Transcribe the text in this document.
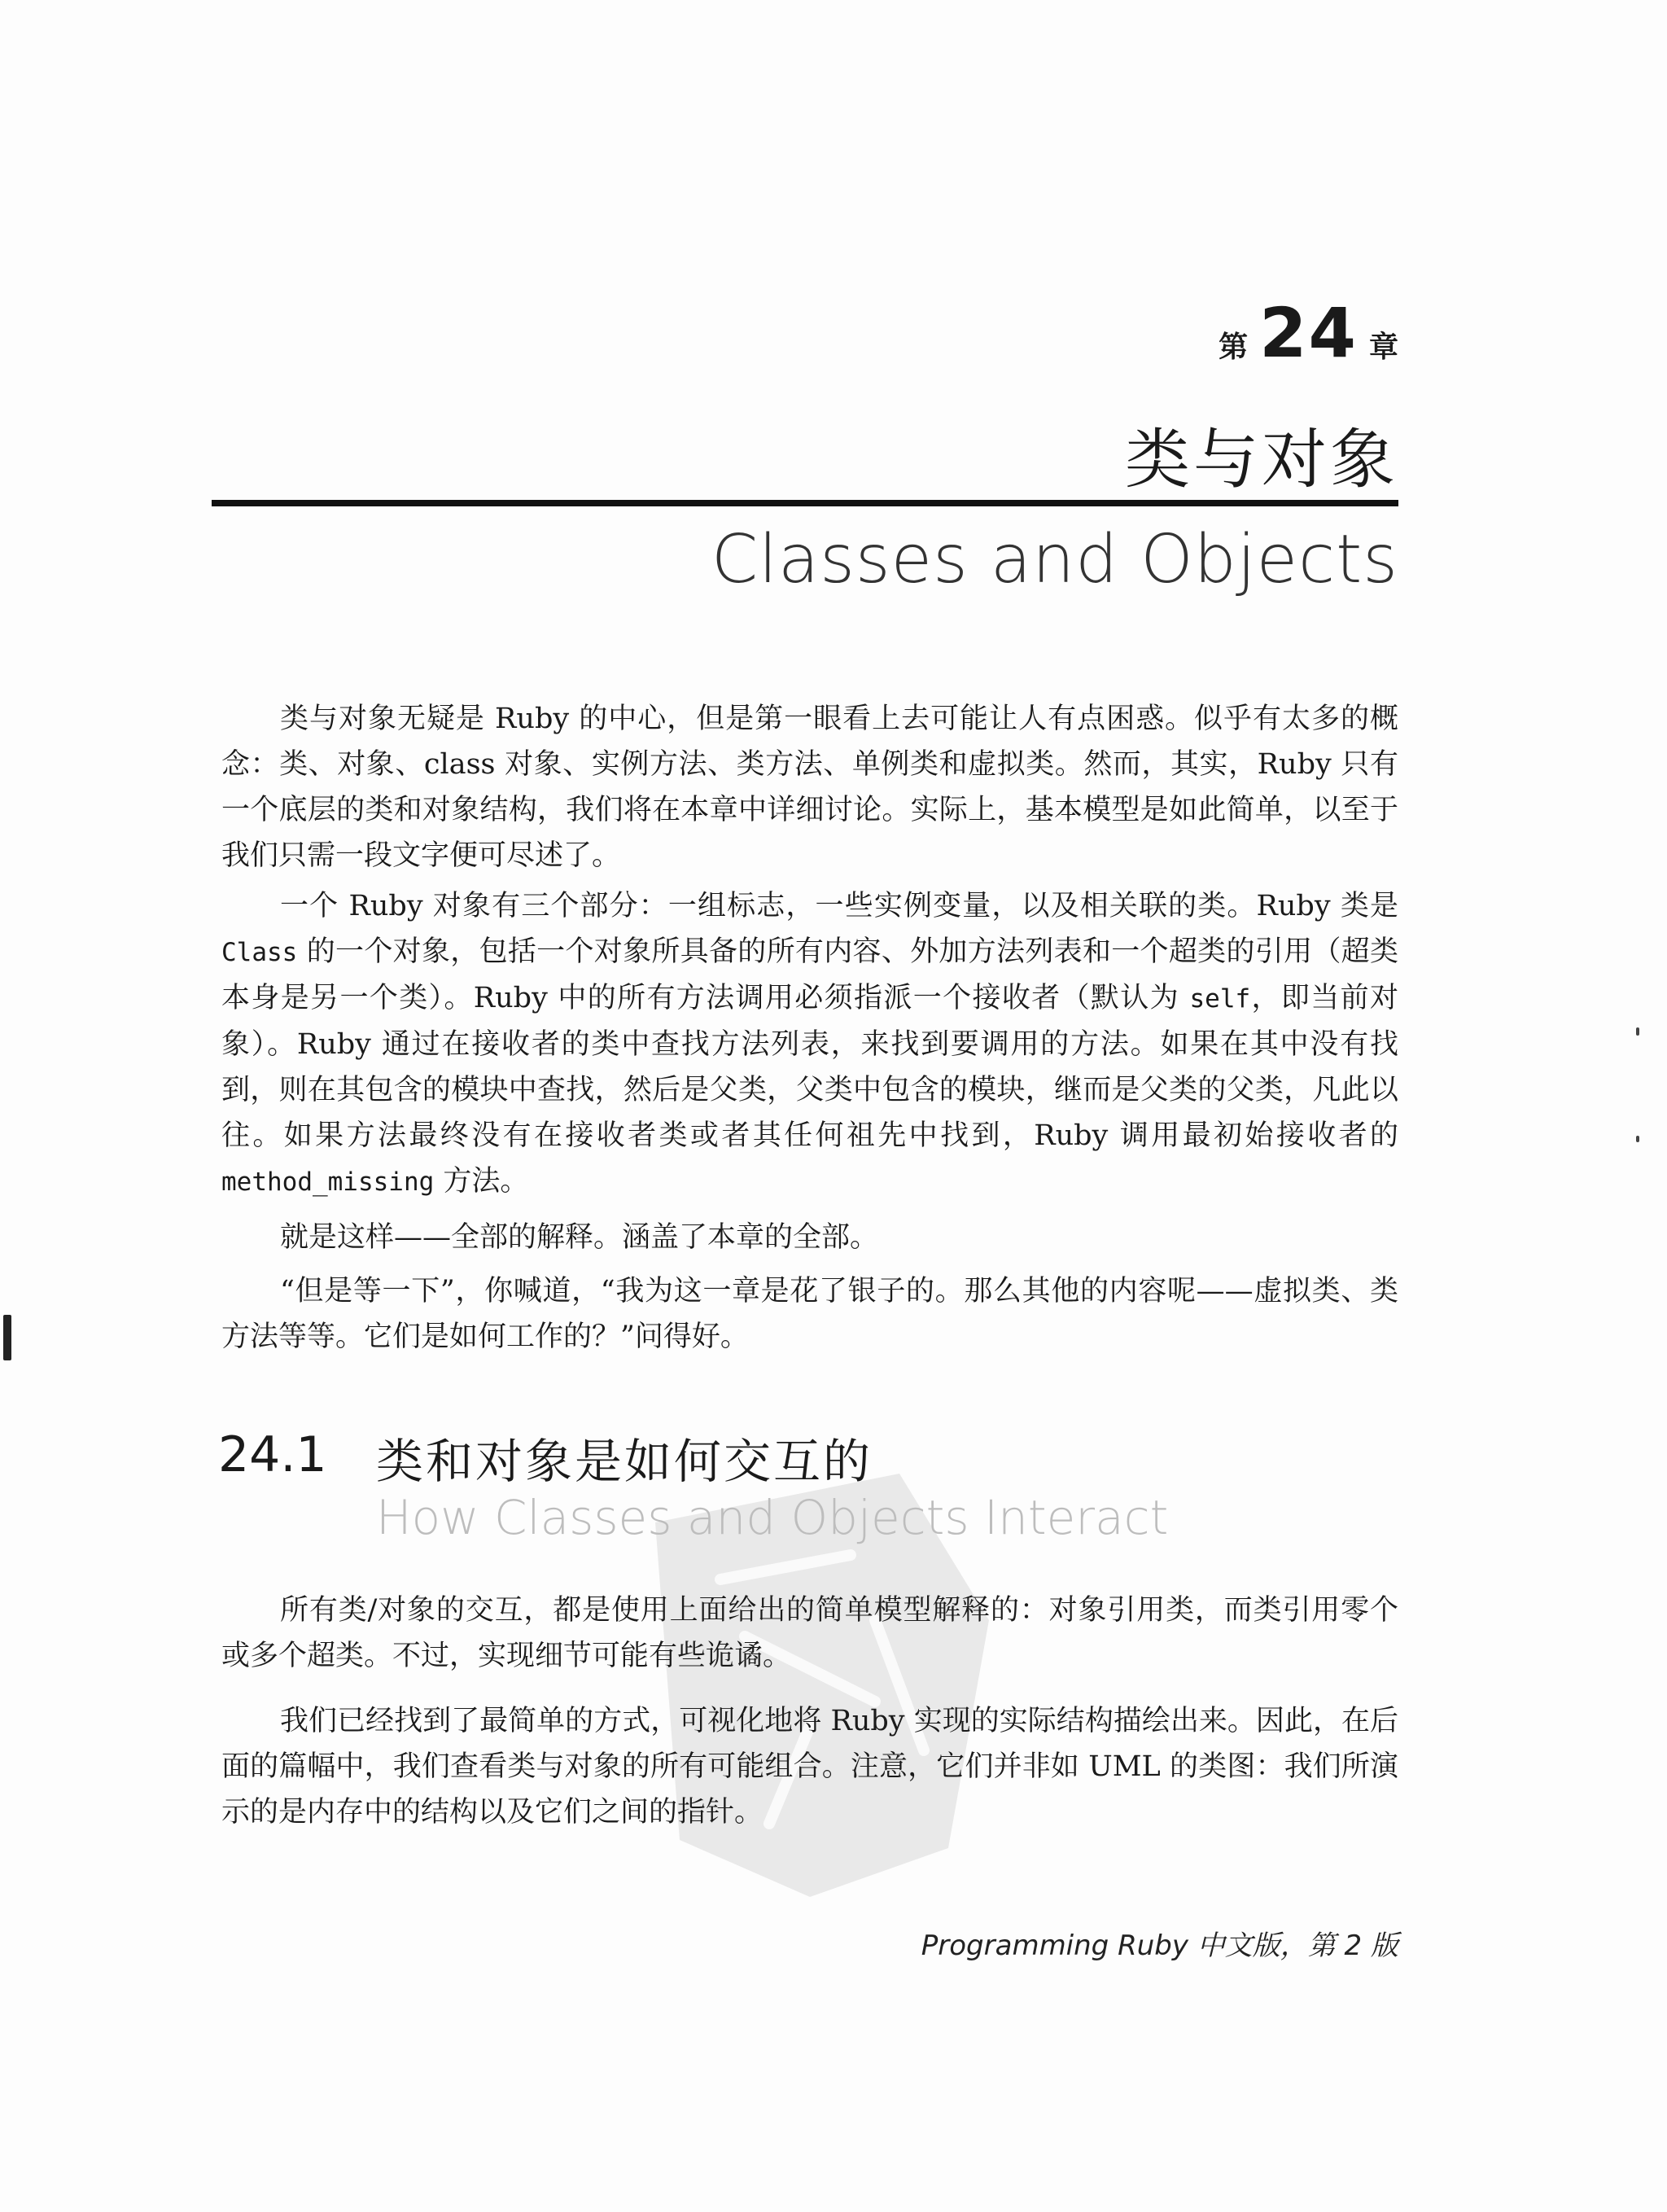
第 24 章
类与对象
Classes and Objects

类与对象无疑是 Ruby 的中心，但是第一眼看上去可能让人有点困惑。似乎有太多的概念：类、对象、class 对象、实例方法、类方法、单例类和虚拟类。然而，其实，Ruby 只有一个底层的类和对象结构，我们将在本章中详细讨论。实际上，基本模型是如此简单，以至于我们只需一段文字便可尽述了。

一个 Ruby 对象有三个部分：一组标志，一些实例变量，以及相关联的类。Ruby 类是 Class 的一个对象，包括一个对象所具备的所有内容、外加方法列表和一个超类的引用（超类本身是另一个类）。Ruby 中的所有方法调用必须指派一个接收者（默认为 self，即当前对象）。Ruby 通过在接收者的类中查找方法列表，来找到要调用的方法。如果在其中没有找到，则在其包含的模块中查找，然后是父类，父类中包含的模块，继而是父类的父类，凡此以往。如果方法最终没有在接收者类或者其任何祖先中找到，Ruby 调用最初始接收者的 method_missing 方法。

就是这样——全部的解释。涵盖了本章的全部。

“但是等一下”，你喊道，“我为这一章是花了银子的。那么其他的内容呢——虚拟类、类方法等等。它们是如何工作的？”问得好。

24.1 类和对象是如何交互的
How Classes and Objects Interact

所有类/对象的交互，都是使用上面给出的简单模型解释的：对象引用类，而类引用零个或多个超类。不过，实现细节可能有些诡谲。

我们已经找到了最简单的方式，可视化地将 Ruby 实现的实际结构描绘出来。因此，在后面的篇幅中，我们查看类与对象的所有可能组合。注意，它们并非如 UML 的类图：我们所演示的是内存中的结构以及它们之间的指针。

Programming Ruby 中文版，第 2 版
